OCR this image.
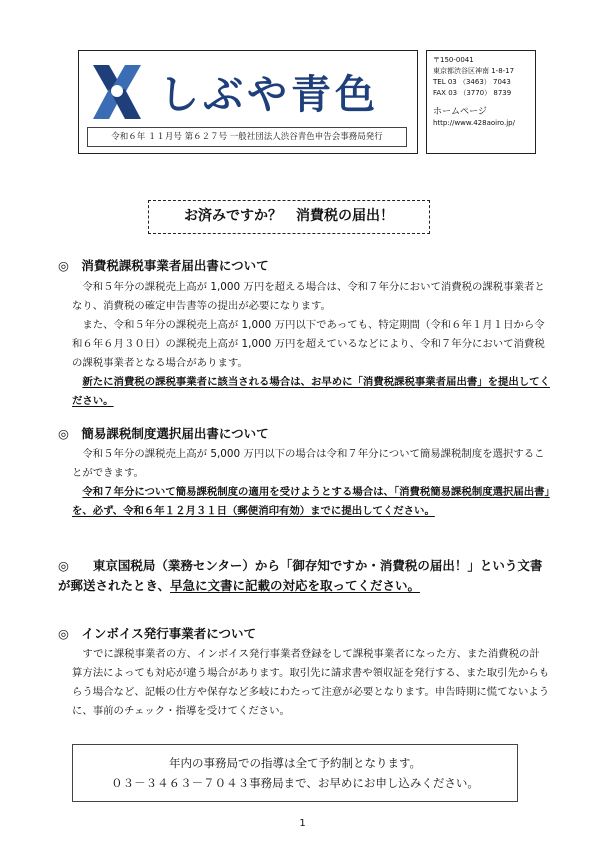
しぶや青色
令和６年 １１月号 第６２７号 一般社団法人渋谷青色申告会事務局発行
〒150-0041
東京都渋谷区神南 1-8-17
TEL 03 （3463） 7043
FAX 03 （3770） 8739
ホームページ
http://www.428aoiro.jp/
お済みですか？　消費税の届出！
◎　消費税課税事業者届出書について

令和５年分の課税売上高が 1,000 万円を超える場合は、令和７年分において消費税の課税事業者となり、消費税の確定申告書等の提出が必要になります。

また、令和５年分の課税売上高が 1,000 万円以下であっても、特定期間（令和６年１月１日から令和６年６月３０日）の課税売上高が 1,000 万円を超えているなどにより、令和７年分において消費税の課税事業者となる場合があります。

新たに消費税の課税事業者に該当される場合は、お早めに「消費税課税事業者届出書」を提出してください。

◎　簡易課税制度選択届出書について

令和５年分の課税売上高が 5,000 万円以下の場合は令和７年分について簡易課税制度を選択することができます。

令和７年分について簡易課税制度の適用を受けようとする場合は、「消費税簡易課税制度選択届出書」を、必ず、令和６年１２月３１日（郵便消印有効）までに提出してください。

◎ 東京国税局（業務センター）から「御存知ですか・消費税の届出！」という文書が郵送されたとき、早急に文書に記載の対応を取ってください。
◎　インボイス発行事業者について

すでに課税事業者の方、インボイス発行事業者登録をして課税事業者になった方、また消費税の計算方法によっても対応が違う場合があります。取引先に請求書や領収証を発行する、また取引先からもらう場合など、記帳の仕方や保存など多岐にわたって注意が必要となります。申告時期に慌てないように、事前のチェック・指導を受けてください。

年内の事務局での指導は全て予約制となります。
０３－３４６３－７０４３事務局まで、お早めにお申し込みください。
1
